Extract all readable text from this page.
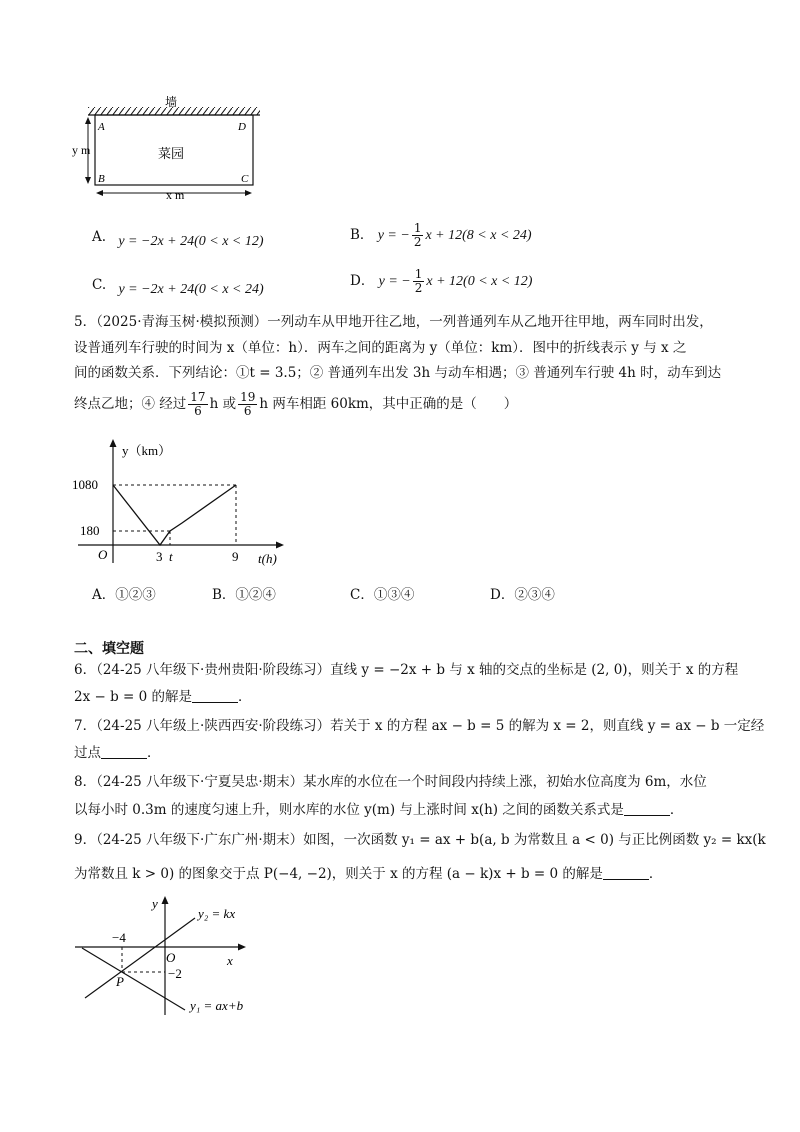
墙
菜园
A
B	C
D
y m
x m
A. y = −2x + 24(0 < x < 12)	B． y = − $\frac{1}{2}$ x + 12(8 < x < 24)
C. y = −2x + 24(0 < x < 24)
D． y = − $\frac{1}{2}$ x + 12(0 < x < 12)
5．（2025·青海玉树·模拟预测）一列动车从甲地开往乙地，一列普通列车从乙地开往甲地，两车同时出发，
设普通列车行驶的时间为 x（单位：h）．两车之间的距离为 y（单位：km）．图中的折线表示 y 与 x 之
间的函数关系．下列结论：①t = 3.5；② 普通列车出发 3h 与动车相遇；③ 普通列车行驶 4h 时，动车到达
终点乙地；④ 经过 $\frac{17}{6}$ h 或 $\frac{19}{6}$ h 两车相距 60km，其中正确的是（　　）
y（km）
t(h)
O
1080
180
3 t	9
A．①②③	B．①②④	C．①③④	D．②③④
二、填空题
6．（24-25 八年级下·贵州贵阳·阶段练习）直线 y = −2x + b 与 x 轴的交点的坐标是 (2, 0)，则关于 x 的方程
2x − b = 0 的解是	．
7．（24-25 八年级上·陕西西安·阶段练习）若关于 x 的方程 ax − b = 5 的解为 x = 2，则直线 y = ax − b 一定经
过点	．
8．（24-25 八年级下·宁夏吴忠·期末）某水库的水位在一个时间段内持续上涨，初始水位高度为 6m，水位
以每小时 0.3m 的速度匀速上升，则水库的水位 y(m) 与上涨时间 x(h) 之间的函数关系式是	．
9．（24-25 八年级下·广东广州·期末）如图，一次函数 y₁ = ax + b(a, b 为常数且 a < 0) 与正比例函数 y₂ = kx(k
为常数且 k > 0) 的图象交于点 P(−4, −2)，则关于 x 的方程 (a − k)x + b = 0 的解是	．
y
x
O
−4
−2
P
y₂ = kx
y₁ = ax+b
